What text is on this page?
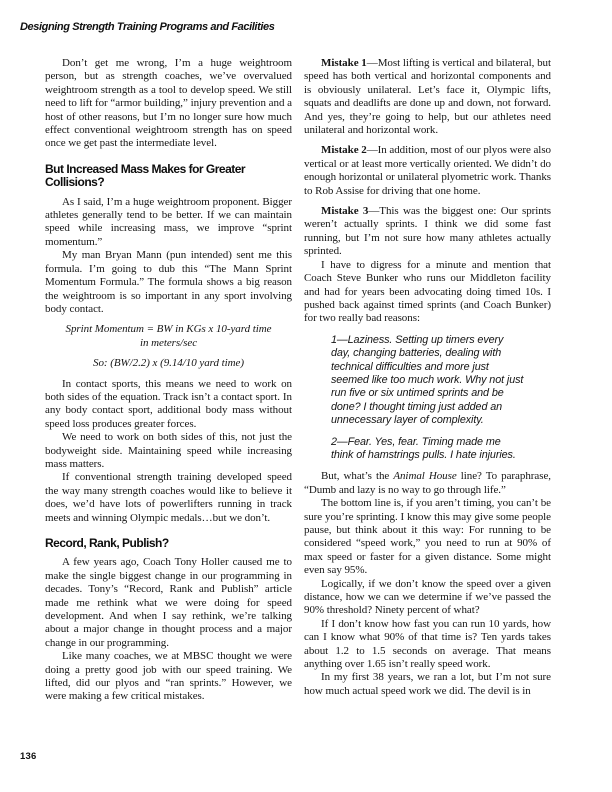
Designing Strength Training Programs and Facilities

Don’t get me wrong, I’m a huge weightroom person, but as strength coaches, we’ve overvalued weightroom strength as a tool to develop speed. We still need to lift for “armor building,” injury prevention and a host of other reasons, but I’m no longer sure how much effect conventional weightroom strength has on speed once we get past the intermediate level.

But Increased Mass Makes for Greater Collisions?

As I said, I’m a huge weightroom proponent. Bigger athletes generally tend to be better. If we can maintain speed while increasing mass, we improve “sprint momentum.”

My man Bryan Mann (pun intended) sent me this formula. I’m going to dub this “The Mann Sprint Momentum Formula.” The formula shows a big reason the weightroom is so important in any sport involving body contact.

Sprint Momentum = BW in KGs x 10-yard time
in meters/sec

So: (BW/2.2) x (9.14/10 yard time)

In contact sports, this means we need to work on both sides of the equation. Track isn’t a contact sport. In any body contact sport, additional body mass without speed loss produces greater forces.

We need to work on both sides of this, not just the bodyweight side. Maintaining speed while increasing mass matters.

If conventional strength training developed speed the way many strength coaches would like to believe it does, we’d have lots of powerlifters running in track meets and winning Olympic medals…but we don’t.

Record, Rank, Publish?

A few years ago, Coach Tony Holler caused me to make the single biggest change in our programming in decades. Tony’s “Record, Rank and Publish” article made me rethink what we were doing for speed development. And when I say rethink, we’re talking about a major change in thought process and a major change in our programming.

Like many coaches, we at MBSC thought we were doing a pretty good job with our speed training. We lifted, did our plyos and “ran sprints.” However, we were making a few critical mistakes.

Mistake 1—Most lifting is vertical and bilateral, but speed has both vertical and horizontal components and is obviously unilateral. Let’s face it, Olympic lifts, squats and deadlifts are done up and down, not forward. And yes, they’re going to help, but our athletes need unilateral and horizontal work.

Mistake 2—In addition, most of our plyos were also vertical or at least more vertically oriented. We didn’t do enough horizontal or unilateral plyometric work. Thanks to Rob Assise for driving that one home.

Mistake 3—This was the biggest one: Our sprints weren’t actually sprints. I think we did some fast running, but I’m not sure how many athletes actually sprinted.

I have to digress for a minute and mention that Coach Steve Bunker who runs our Middleton facility and had for years been advocating doing timed 10s. I pushed back against timed sprints (and Coach Bunker) for two really bad reasons:

1—Laziness. Setting up timers every day, changing batteries, dealing with technical difficulties and more just seemed like too much work. Why not just run five or six untimed sprints and be done? I thought timing just added an unnecessary layer of complexity.
2—Fear. Yes, fear. Timing made me think of hamstrings pulls. I hate injuries.

But, what’s the Animal House line? To paraphrase, “Dumb and lazy is no way to go through life.”

The bottom line is, if you aren’t timing, you can’t be sure you’re sprinting. I know this may give some people pause, but think about it this way: For running to be considered “speed work,” you need to run at 90% of max speed or faster for a given distance. Some might even say 95%.

Logically, if we don’t know the speed over a given distance, how we can we determine if we’ve passed the 90% threshold? Ninety percent of what?

If I don’t know how fast you can run 10 yards, how can I know what 90% of that time is? Ten yards takes about 1.2 to 1.5 seconds on average. That means anything over 1.65 isn’t really speed work.

In my first 38 years, we ran a lot, but I’m not sure how much actual speed work we did. The devil is in

136
